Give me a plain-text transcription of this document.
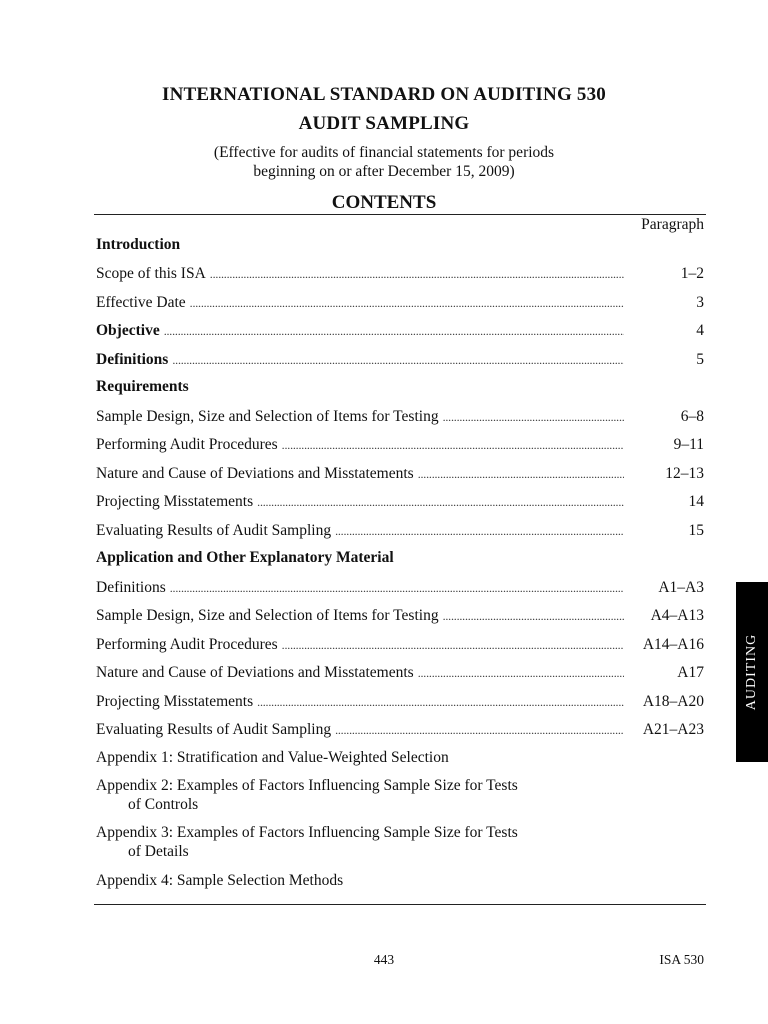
INTERNATIONAL STANDARD ON AUDITING 530
AUDIT SAMPLING
(Effective for audits of financial statements for periods
beginning on or after December 15, 2009)
CONTENTS
Paragraph
Introduction
Scope of this ISA . . .	1–2
Effective Date . . .	3
Objective . . .	4
Definitions . . .	5
Requirements
Sample Design, Size and Selection of Items for Testing . . .	6–8
Performing Audit Procedures . . .	9–11
Nature and Cause of Deviations and Misstatements . . .	12–13
Projecting Misstatements . . .	14
Evaluating Results of Audit Sampling . . .	15
Application and Other Explanatory Material
Definitions . . .	A1–A3
Sample Design, Size and Selection of Items for Testing . . .	A4–A13
Performing Audit Procedures . . .	A14–A16
Nature and Cause of Deviations and Misstatements . . .	A17
Projecting Misstatements . . .	A18–A20
Evaluating Results of Audit Sampling . . .	A21–A23
Appendix 1: Stratification and Value-Weighted Selection
Appendix 2: Examples of Factors Influencing Sample Size for Tests
of Controls
Appendix 3: Examples of Factors Influencing Sample Size for Tests
of Details
Appendix 4: Sample Selection Methods
AUDITING
443	ISA 530
